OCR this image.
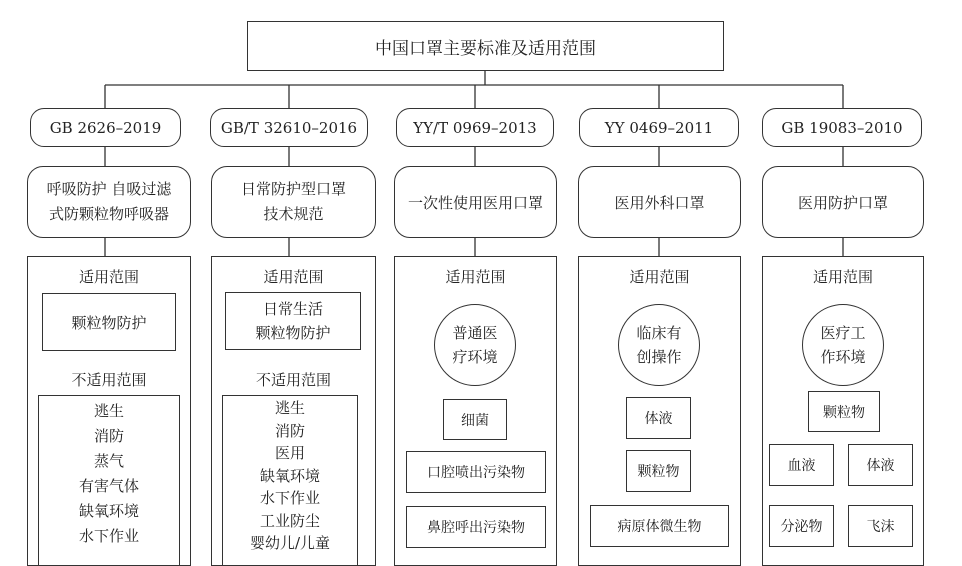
中国口罩主要标准及适用范围
GB 2626–2019
呼吸防护 自吸过滤
式防颗粒物呼吸器
适用范围
颗粒物防护
不适用范围
逃生
消防
蒸气
有害气体
缺氧环境
水下作业
GB/T 32610–2016
日常防护型口罩
技术规范
适用范围
日常生活
颗粒物防护
不适用范围
逃生
消防
医用
缺氧环境
水下作业
工业防尘
婴幼儿/儿童
YY/T 0969–2013
一次性使用医用口罩
适用范围
普通医
疗环境
细菌
口腔喷出污染物
鼻腔呼出污染物
YY 0469–2011
医用外科口罩
适用范围
临床有
创操作
体液
颗粒物
病原体微生物
GB 19083–2010
医用防护口罩
适用范围
医疗工
作环境
颗粒物
血液	体液
分泌物	飞沫
